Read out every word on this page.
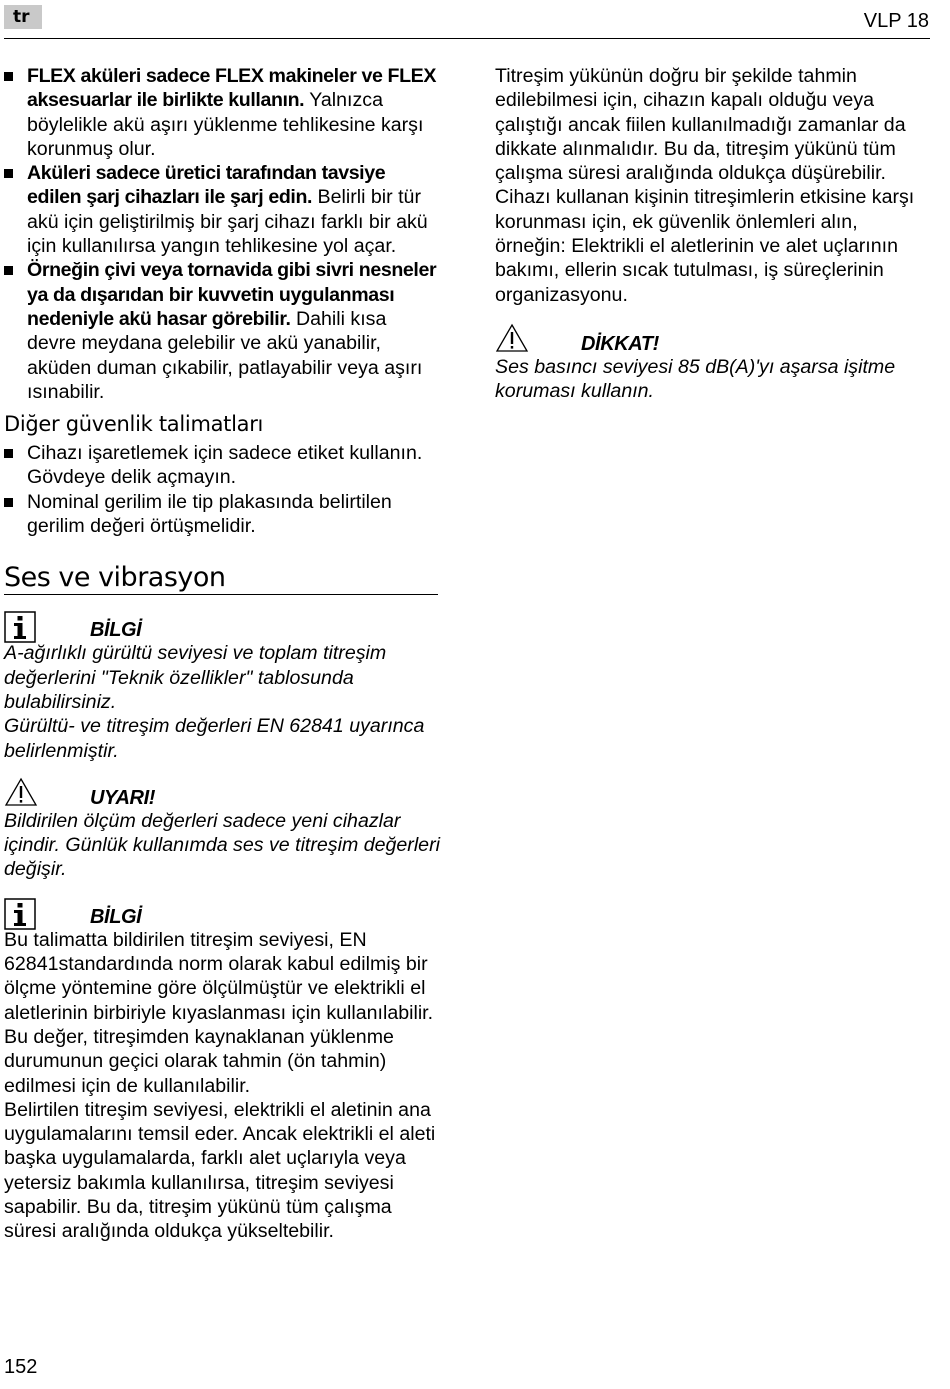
tr	VLP 18
FLEX aküleri sadece FLEX makineler ve FLEX aksesuarlar ile birlikte kullanın. Yalnızca böylelikle akü aşırı yüklenme tehlikesine karşı korunmuş olur.
Aküleri sadece üretici tarafından tavsiye edilen şarj cihazları ile şarj edin. Belirli bir tür akü için geliştirilmiş bir şarj cihazı farklı bir akü için kullanılırsa yangın tehlikesine yol açar.
Örneğin çivi veya tornavida gibi sivri nesneler ya da dışarıdan bir kuvvetin uygulanması nedeniyle akü hasar görebilir. Dahili kısa devre meydana gelebilir ve akü yanabilir, aküden duman çıkabilir, patlayabilir veya aşırı ısınabilir.
Diğer güvenlik talimatları
Cihazı işaretlemek için sadece etiket kullanın. Gövdeye delik açmayın.
Nominal gerilim ile tip plakasında belirtilen gerilim değeri örtüşmelidir.
Ses ve vibrasyon
BİLGİ
A-ağırlıklı gürültü seviyesi ve toplam titreşim değerlerini "Teknik özellikler" tablosunda bulabilirsiniz.
Gürültü- ve titreşim değerleri EN 62841 uyarınca belirlenmiştir.
UYARI!
Bildirilen ölçüm değerleri sadece yeni cihazlar içindir. Günlük kullanımda ses ve titreşim değerleri değişir.
BİLGİ
Bu talimatta bildirilen titreşim seviyesi, EN 62841standardında norm olarak kabul edilmiş bir ölçme yöntemine göre ölçülmüştür ve elektrikli el aletlerinin birbiriyle kıyaslanması için kullanılabilir.
Bu değer, titreşimden kaynaklanan yüklenme durumunun geçici olarak tahmin (ön tahmin) edilmesi için de kullanılabilir.
Belirtilen titreşim seviyesi, elektrikli el aletinin ana uygulamalarını temsil eder. Ancak elektrikli el aleti başka uygulamalarda, farklı alet uçlarıyla veya yetersiz bakımla kullanılırsa, titreşim seviyesi sapabilir. Bu da, titreşim yükünü tüm çalışma süresi aralığında oldukça yükseltebilir.
Titreşim yükünün doğru bir şekilde tahmin edilebilmesi için, cihazın kapalı olduğu veya çalıştığı ancak fiilen kullanılmadığı zamanlar da dikkate alınmalıdır. Bu da, titreşim yükünü tüm çalışma süresi aralığında oldukça düşürebilir.
Cihazı kullanan kişinin titreşimlerin etkisine karşı korunması için, ek güvenlik önlemleri alın, örneğin: Elektrikli el aletlerinin ve alet uçlarının bakımı, ellerin sıcak tutulması, iş süreçlerinin organizasyonu.
DİKKAT!
Ses basıncı seviyesi 85 dB(A)'yı aşarsa işitme koruması kullanın.
152
